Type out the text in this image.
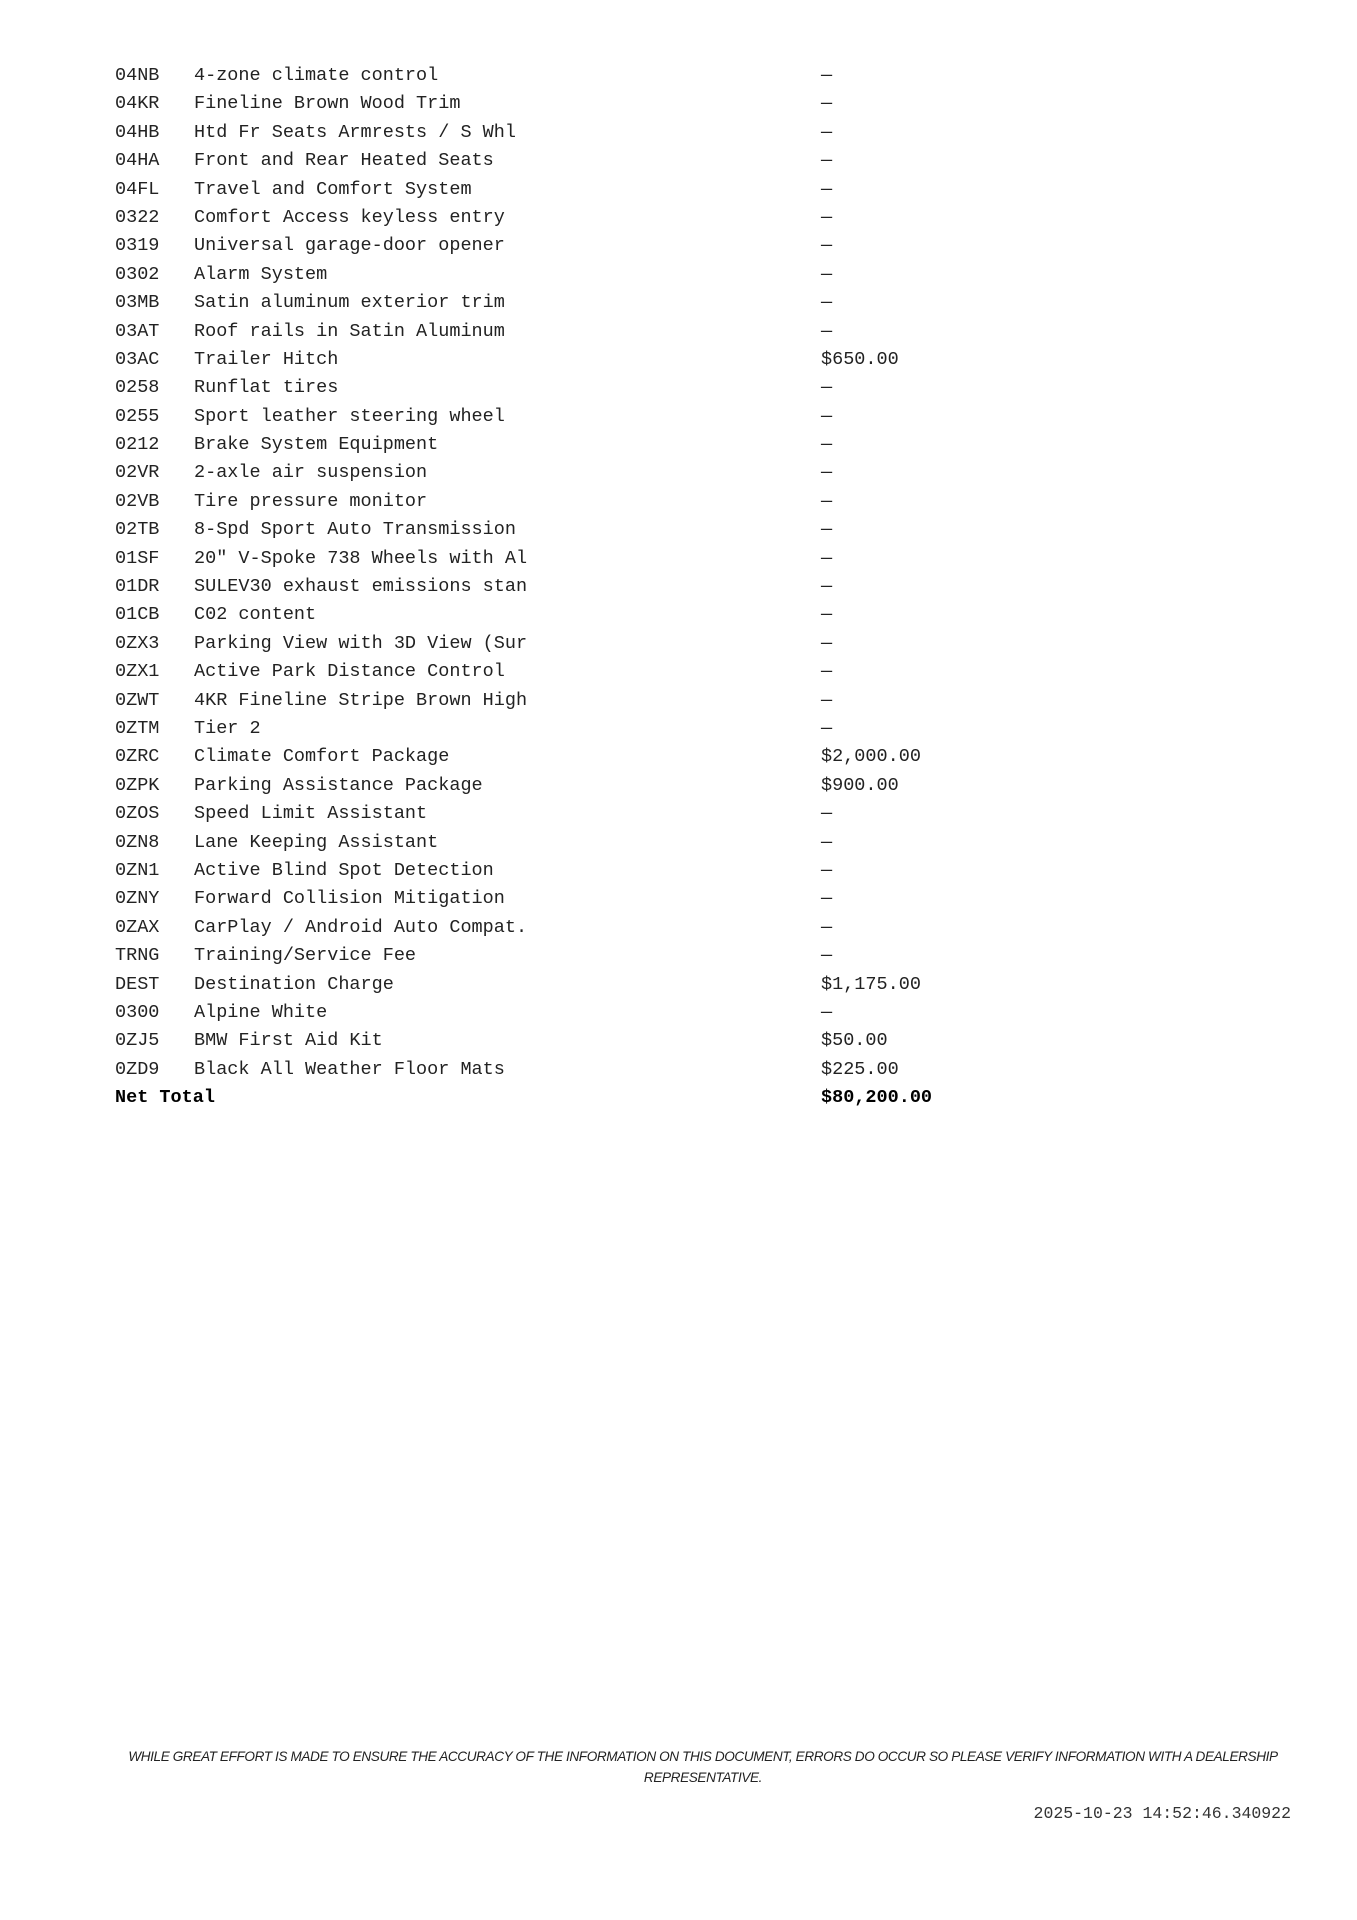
04NB 4-zone climate control	—
04KR Fineline Brown Wood Trim	—
04HB Htd Fr Seats Armrests / S Whl	—
04HA Front and Rear Heated Seats	—
04FL Travel and Comfort System	—
0322 Comfort Access keyless entry	—
0319 Universal garage-door opener	—
0302 Alarm System	—
03MB Satin aluminum exterior trim	—
03AT Roof rails in Satin Aluminum	—
03AC Trailer Hitch	$650.00
0258 Runflat tires	—
0255 Sport leather steering wheel	—
0212 Brake System Equipment	—
02VR 2-axle air suspension	—
02VB Tire pressure monitor	—
02TB 8-Spd Sport Auto Transmission	—
01SF 20" V-Spoke 738 Wheels with Al	—
01DR SULEV30 exhaust emissions stan	—
01CB C02 content	—
0ZX3 Parking View with 3D View (Sur	—
0ZX1 Active Park Distance Control	—
0ZWT 4KR Fineline Stripe Brown High	—
0ZTM Tier 2	—
0ZRC Climate Comfort Package	$2,000.00
0ZPK Parking Assistance Package	$900.00
0ZOS Speed Limit Assistant	—
0ZN8 Lane Keeping Assistant	—
0ZN1 Active Blind Spot Detection	—
0ZNY Forward Collision Mitigation	—
0ZAX CarPlay / Android Auto Compat.	—
TRNG Training/Service Fee	—
DEST Destination Charge	$1,175.00
0300 Alpine White	—
0ZJ5 BMW First Aid Kit	$50.00
0ZD9 Black All Weather Floor Mats	$225.00
Net Total	$80,200.00
WHILE GREAT EFFORT IS MADE TO ENSURE THE ACCURACY OF THE INFORMATION ON THIS DOCUMENT, ERRORS DO OCCUR SO PLEASE VERIFY INFORMATION WITH A DEALERSHIP REPRESENTATIVE.
2025-10-23 14:52:46.340922
